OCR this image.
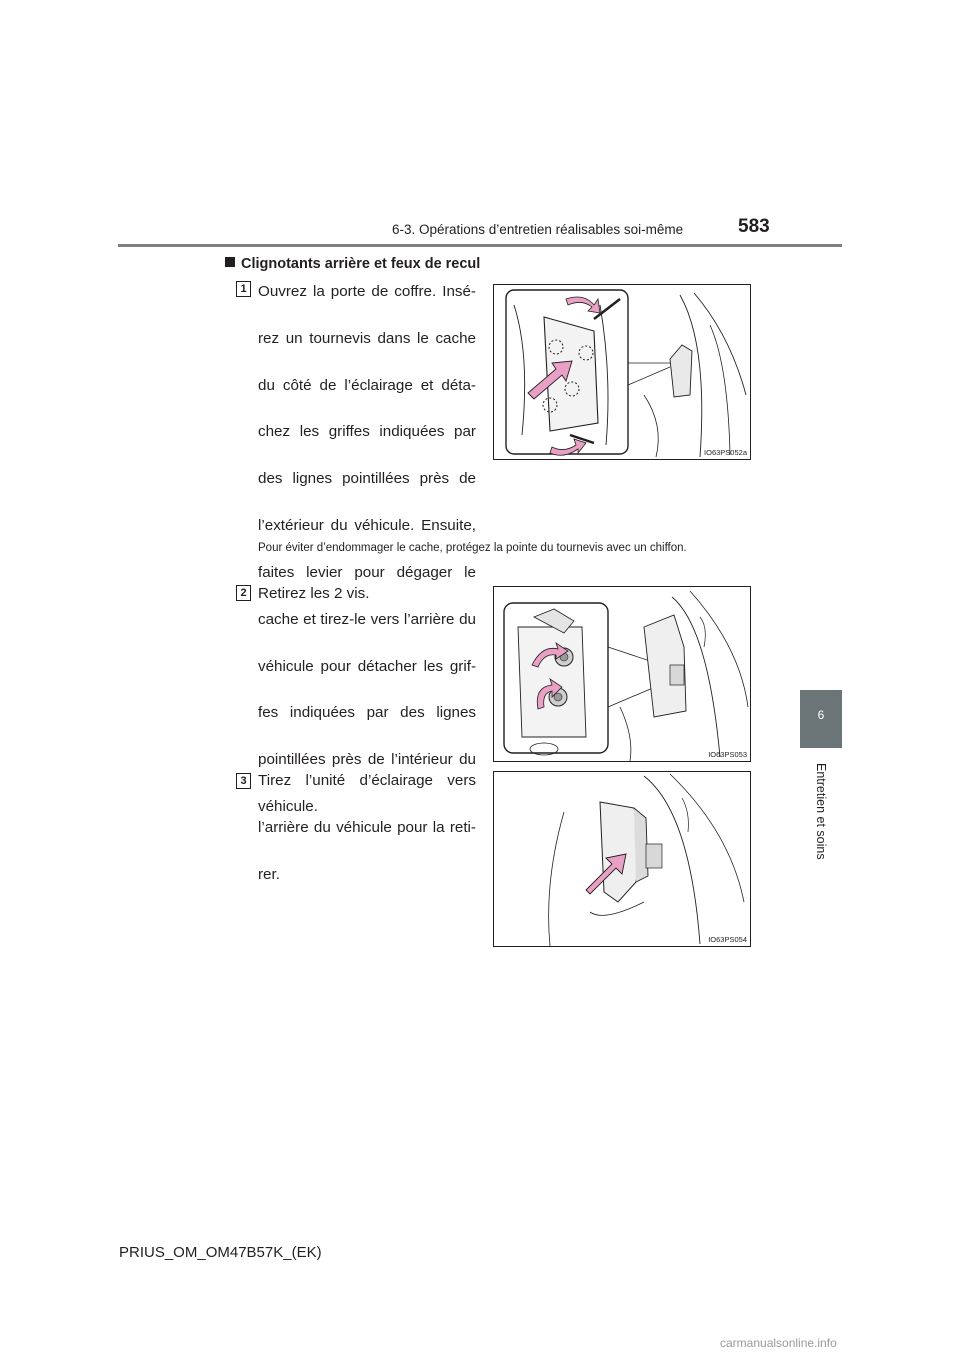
6-3. Opérations d’entretien réalisables soi-même	583
6
Entretien et soins
Clignotants arrière et feux de recul
1 Ouvrez la porte de coffre. Insé-
rez un tournevis dans le cache
du côté de l’éclairage et déta-
chez les griffes indiquées par
des lignes pointillées près de
l’extérieur du véhicule. Ensuite,
faites levier pour dégager le
cache et tirez-le vers l’arrière du
véhicule pour détacher les grif-
fes indiquées par des lignes
pointillées près de l’intérieur du
véhicule.
IO63PS052a
Pour éviter d’endommager le cache, protégez la pointe du tournevis avec un chiffon.
2 Retirez les 2 vis.
IO63PS053
3 Tirez l’unité d’éclairage vers
l’arrière du véhicule pour la reti-
rer.
IO63PS054
PRIUS_OM_OM47B57K_(EK)
carmanualsonline.info
